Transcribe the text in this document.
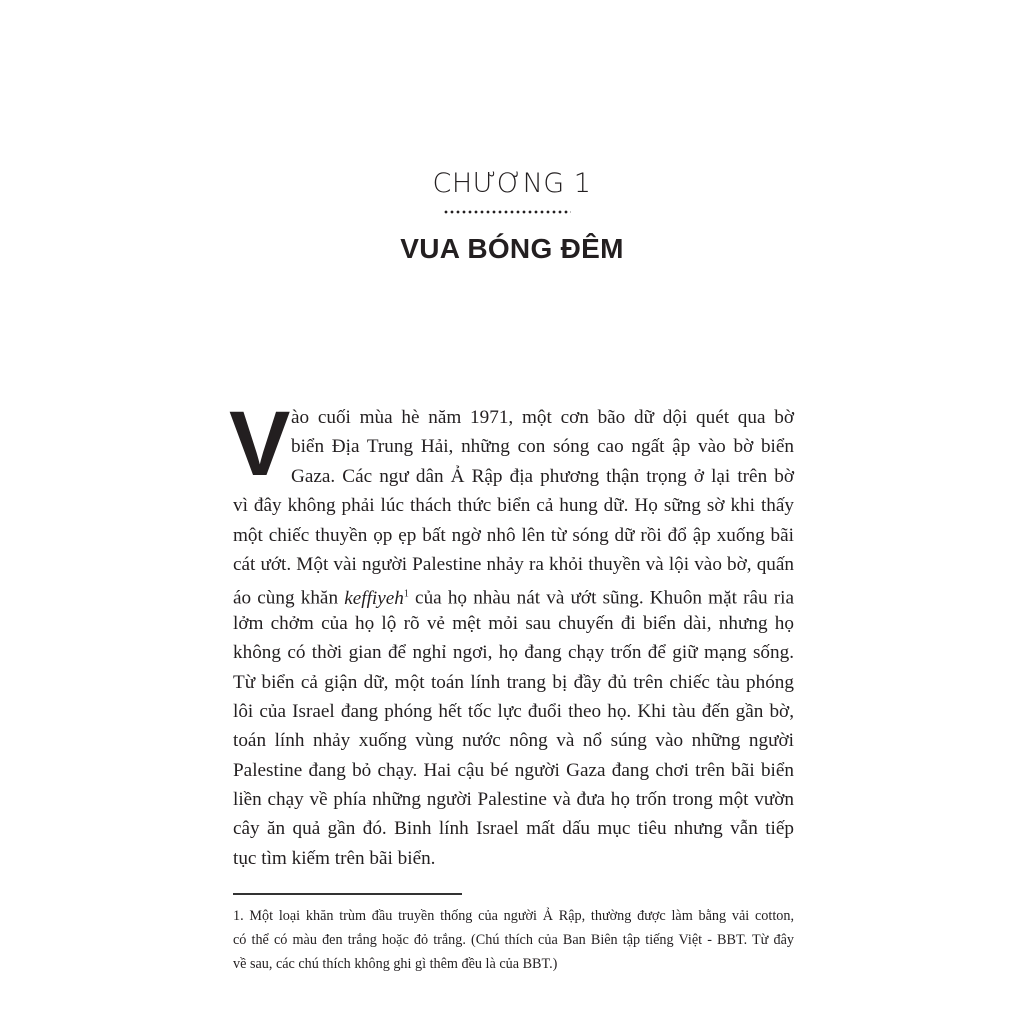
CHƯƠNG 1
VUA BÓNG ĐÊM
V ào cuối mùa hè năm 1971, một cơn bão dữ dội quét qua bờ
biển Địa Trung Hải, những con sóng cao ngất ập vào bờ biển
Gaza. Các ngư dân Ả Rập địa phương thận trọng ở lại trên bờ
vì đây không phải lúc thách thức biển cả hung dữ. Họ sững sờ khi thấy
một chiếc thuyền ọp ẹp bất ngờ nhô lên từ sóng dữ rồi đổ ập xuống bãi
cát ướt. Một vài người Palestine nhảy ra khỏi thuyền và lội vào bờ, quấn
áo cùng khăn keffiyeh$^1$ của họ nhàu nát và ướt sũng. Khuôn mặt râu ria
lởm chởm của họ lộ rõ vẻ mệt mỏi sau chuyến đi biển dài, nhưng họ
không có thời gian để nghỉ ngơi, họ đang chạy trốn để giữ mạng sống.
Từ biển cả giận dữ, một toán lính trang bị đầy đủ trên chiếc tàu phóng
lôi của Israel đang phóng hết tốc lực đuổi theo họ. Khi tàu đến gần bờ,
toán lính nhảy xuống vùng nước nông và nổ súng vào những người
Palestine đang bỏ chạy. Hai cậu bé người Gaza đang chơi trên bãi biển
liền chạy về phía những người Palestine và đưa họ trốn trong một vườn
cây ăn quả gần đó. Binh lính Israel mất dấu mục tiêu nhưng vẫn tiếp
tục tìm kiếm trên bãi biển.
1. Một loại khăn trùm đầu truyền thống của người Ả Rập, thường được làm bằng vải cotton,
có thể có màu đen trắng hoặc đỏ trắng. (Chú thích của Ban Biên tập tiếng Việt - BBT. Từ đây
về sau, các chú thích không ghi gì thêm đều là của BBT.)
